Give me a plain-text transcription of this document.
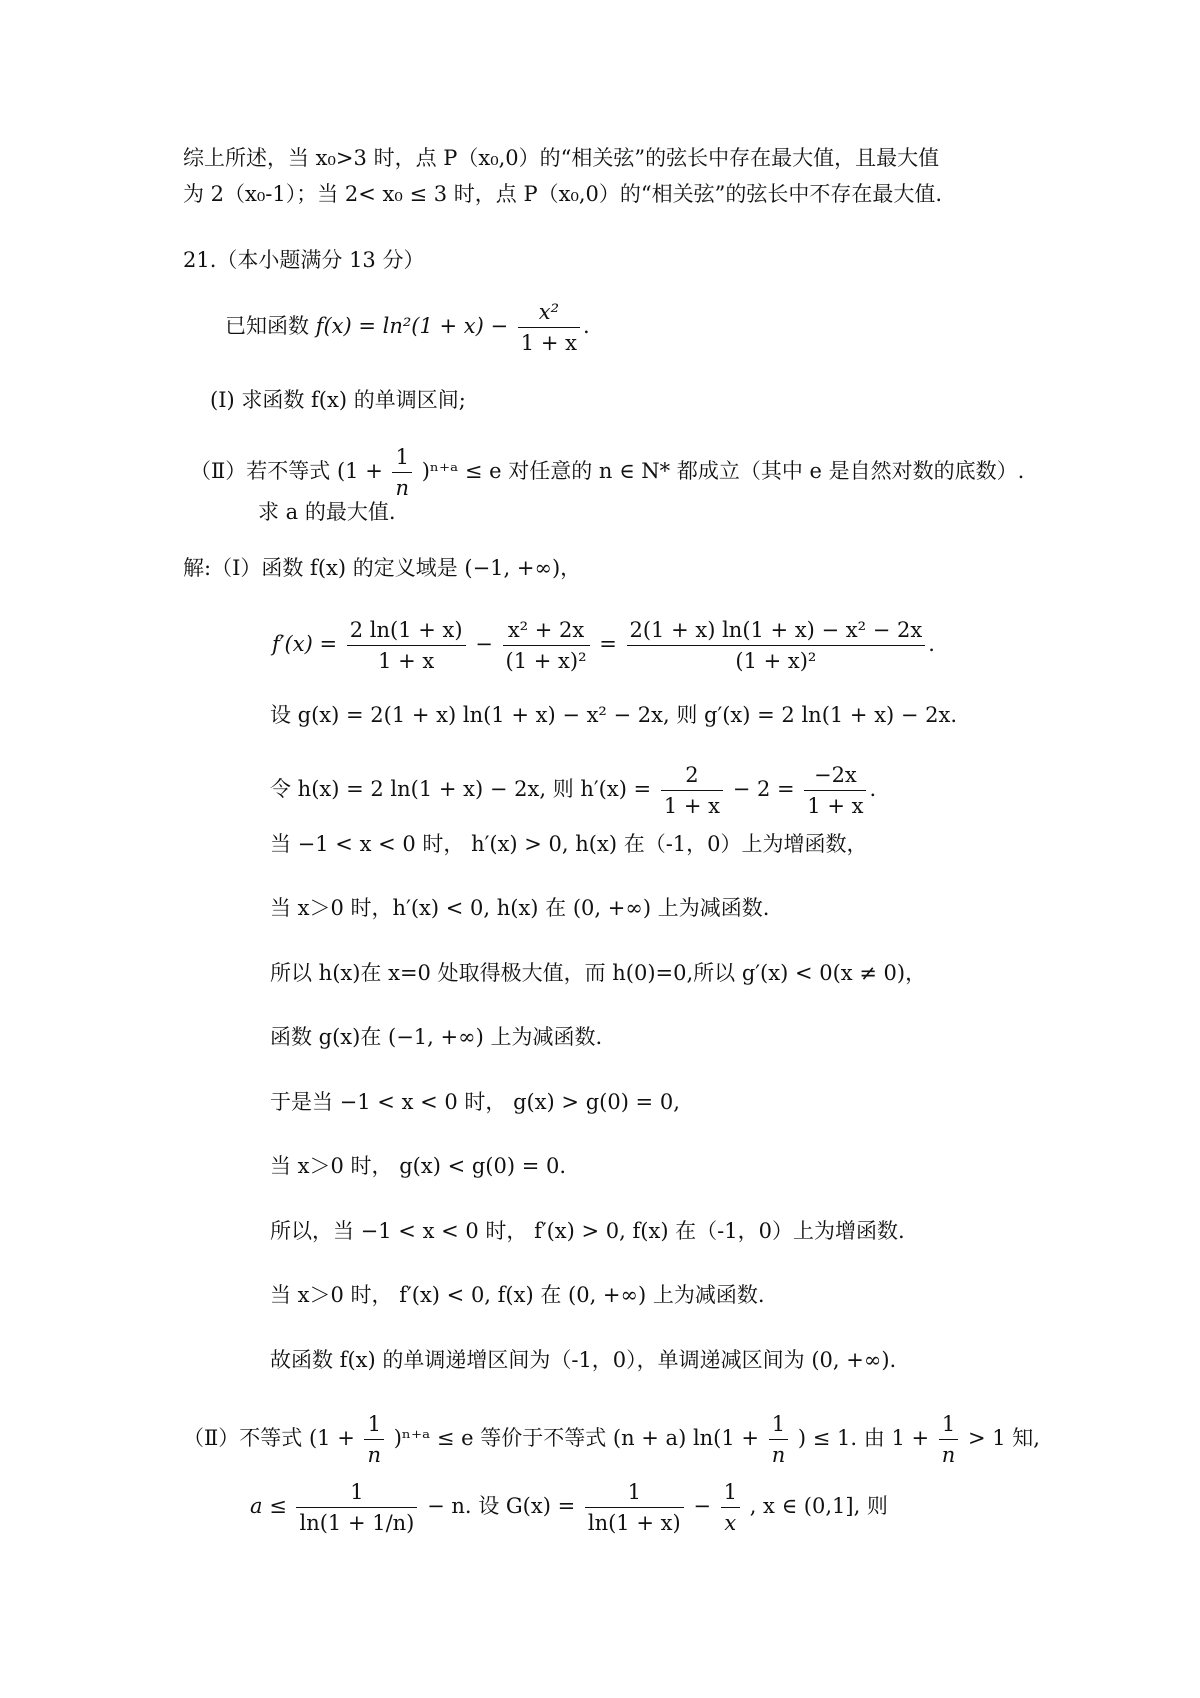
综上所述，当 x₀>3 时，点 P（x₀,0）的“相关弦”的弦长中存在最大值，且最大值
为 2（x₀-1）；当 2< x₀ ≤ 3 时，点 P（x₀,0）的“相关弦”的弦长中不存在最大值.
21.（本小题满分 13 分）
已知函数 $f(x) = \ln^2(1 + x) - \frac{\text{x²}}{1 + x}$ .
(I) 求函数 f(x) 的单调区间;
（Ⅱ）若不等式 ($1 + \frac{1}{n}$ )ⁿ⁺ᵃ ≤ e 对任意的 n ∈ N* 都成立（其中 e 是自然对数的底数）.
求 a 的最大值.
解:（Ⅰ）函数 f(x) 的定义域是 (−1, +∞)，
$f'(x) = \frac{2 \ln(1 + x)}{1 + x} - \frac{\text{x² + 2x}}{\text{(1 + x)²}} = \frac{\text{2(1 + x) ln(1 + x) − x² − 2x}}{\text{(1 + x)²}}$ .
设 g(x) = 2(1 + x) ln(1 + x) − x² − 2x, 则 g′(x) = 2 ln(1 + x) − 2x.
令 h(x) = 2 ln(1 + x) − 2x, 则 $h'(x) = \frac{2}{1 + x} - 2 = \frac{-2x}{1 + x}$ .
当 −1 < x < 0 时， h′(x) > 0, h(x) 在（-1，0）上为增函数，
当 x＞0 时，h′(x) < 0, h(x) 在 (0, +∞) 上为减函数.
所以 h(x)在 x=0 处取得极大值，而 h(0)=0,所以 g′(x) < 0(x ≠ 0)，
函数 g(x)在 (−1, +∞) 上为减函数.
于是当 −1 < x < 0 时， g(x) > g(0) = 0,
当 x＞0 时， g(x) < g(0) = 0.
所以，当 −1 < x < 0 时， f′(x) > 0, f(x) 在（-1，0）上为增函数.
当 x＞0 时， f′(x) < 0, f(x) 在 (0, +∞) 上为减函数.
故函数 f(x) 的单调递增区间为（-1，0），单调递减区间为 (0, +∞).
（Ⅱ）不等式 ($1 + \frac{1}{n}$ )ⁿ⁺ᵃ ≤ e 等价于不等式 (n + a) $\ln(1 + \frac{1}{n}$ ) ≤ 1. 由 $1 + \frac{1}{n} > 1$ 知,
$a \le \frac{1}{\ln(1 + 1/n)} - n$. 设 $G(x) = \frac{1}{\ln(1 + x)} - \frac{1}{x}$ , x ∈ (0,1], 则
